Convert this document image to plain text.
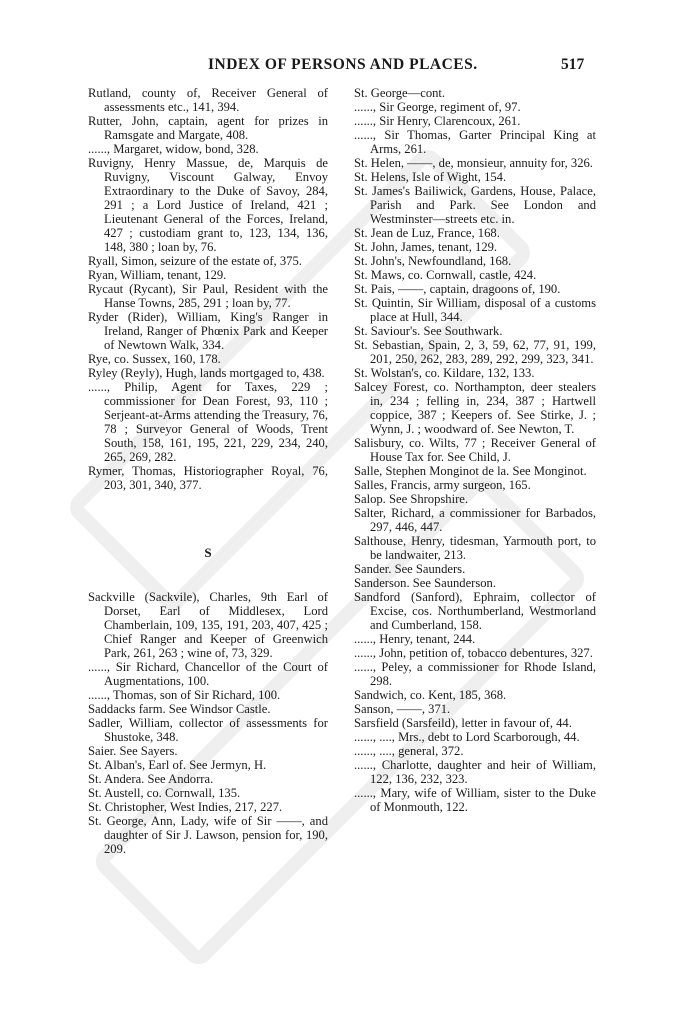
INDEX OF PERSONS AND PLACES.	517
Rutland, county of, Receiver General of assessments etc., 141, 394.
Rutter, John, captain, agent for prizes in Ramsgate and Margate, 408.
......, Margaret, widow, bond, 328.
Ruvigny, Henry Massue, de, Marquis de Ruvigny, Viscount Galway, Envoy Extraordinary to the Duke of Savoy, 284, 291 ; a Lord Justice of Ireland, 421 ; Lieutenant General of the Forces, Ireland, 427 ; custodiam grant to, 123, 134, 136, 148, 380 ; loan by, 76.
Ryall, Simon, seizure of the estate of, 375.
Ryan, William, tenant, 129.
Rycaut (Rycant), Sir Paul, Resident with the Hanse Towns, 285, 291 ; loan by, 77.
Ryder (Rider), William, King's Ranger in Ireland, Ranger of Phœnix Park and Keeper of Newtown Walk, 334.
Rye, co. Sussex, 160, 178.
Ryley (Reyly), Hugh, lands mortgaged to, 438.
......, Philip, Agent for Taxes, 229 ; commissioner for Dean Forest, 93, 110 ; Serjeant-at-Arms attending the Treasury, 76, 78 ; Surveyor General of Woods, Trent South, 158, 161, 195, 221, 229, 234, 240, 265, 269, 282.
Rymer, Thomas, Historiographer Royal, 76, 203, 301, 340, 377.
S
Sackville (Sackvile), Charles, 9th Earl of Dorset, Earl of Middlesex, Lord Chamberlain, 109, 135, 191, 203, 407, 425 ; Chief Ranger and Keeper of Greenwich Park, 261, 263 ; wine of, 73, 329.
......, Sir Richard, Chancellor of the Court of Augmentations, 100.
......, Thomas, son of Sir Richard, 100.
Saddacks farm. See Windsor Castle.
Sadler, William, collector of assessments for Shustoke, 348.
Saier. See Sayers.
St. Alban's, Earl of. See Jermyn, H.
St. Andera. See Andorra.
St. Austell, co. Cornwall, 135.
St. Christopher, West Indies, 217, 227.
St. George, Ann, Lady, wife of Sir ——, and daughter of Sir J. Lawson, pension for, 190, 209.
St. George—cont.
......, Sir George, regiment of, 97.
......, Sir Henry, Clarencoux, 261.
......, Sir Thomas, Garter Principal King at Arms, 261.
St. Helen, ——, de, monsieur, annuity for, 326.
St. Helens, Isle of Wight, 154.
St. James's Bailiwick, Gardens, House, Palace, Parish and Park. See London and Westminster—streets etc. in.
St. Jean de Luz, France, 168.
St. John, James, tenant, 129.
St. John's, Newfoundland, 168.
St. Maws, co. Cornwall, castle, 424.
St. Pais, ——, captain, dragoons of, 190.
St. Quintin, Sir William, disposal of a customs place at Hull, 344.
St. Saviour's. See Southwark.
St. Sebastian, Spain, 2, 3, 59, 62, 77, 91, 199, 201, 250, 262, 283, 289, 292, 299, 323, 341.
St. Wolstan's, co. Kildare, 132, 133.
Salcey Forest, co. Northampton, deer stealers in, 234 ; felling in, 234, 387 ; Hartwell coppice, 387 ; Keepers of. See Stirke, J. ; Wynn, J. ; woodward of. See Newton, T.
Salisbury, co. Wilts, 77 ; Receiver General of House Tax for. See Child, J.
Salle, Stephen Monginot de la. See Monginot.
Salles, Francis, army surgeon, 165.
Salop. See Shropshire.
Salter, Richard, a commissioner for Barbados, 297, 446, 447.
Salthouse, Henry, tidesman, Yarmouth port, to be landwaiter, 213.
Sander. See Saunders.
Sanderson. See Saunderson.
Sandford (Sanford), Ephraim, collector of Excise, cos. Northumberland, Westmorland and Cumberland, 158.
......, Henry, tenant, 244.
......, John, petition of, tobacco debentures, 327.
......, Peley, a commissioner for Rhode Island, 298.
Sandwich, co. Kent, 185, 368.
Sanson, ——, 371.
Sarsfield (Sarsfeild), letter in favour of, 44.
......, ...., Mrs., debt to Lord Scarborough, 44.
......, ...., general, 372.
......, Charlotte, daughter and heir of William, 122, 136, 232, 323.
......, Mary, wife of William, sister to the Duke of Monmouth, 122.
